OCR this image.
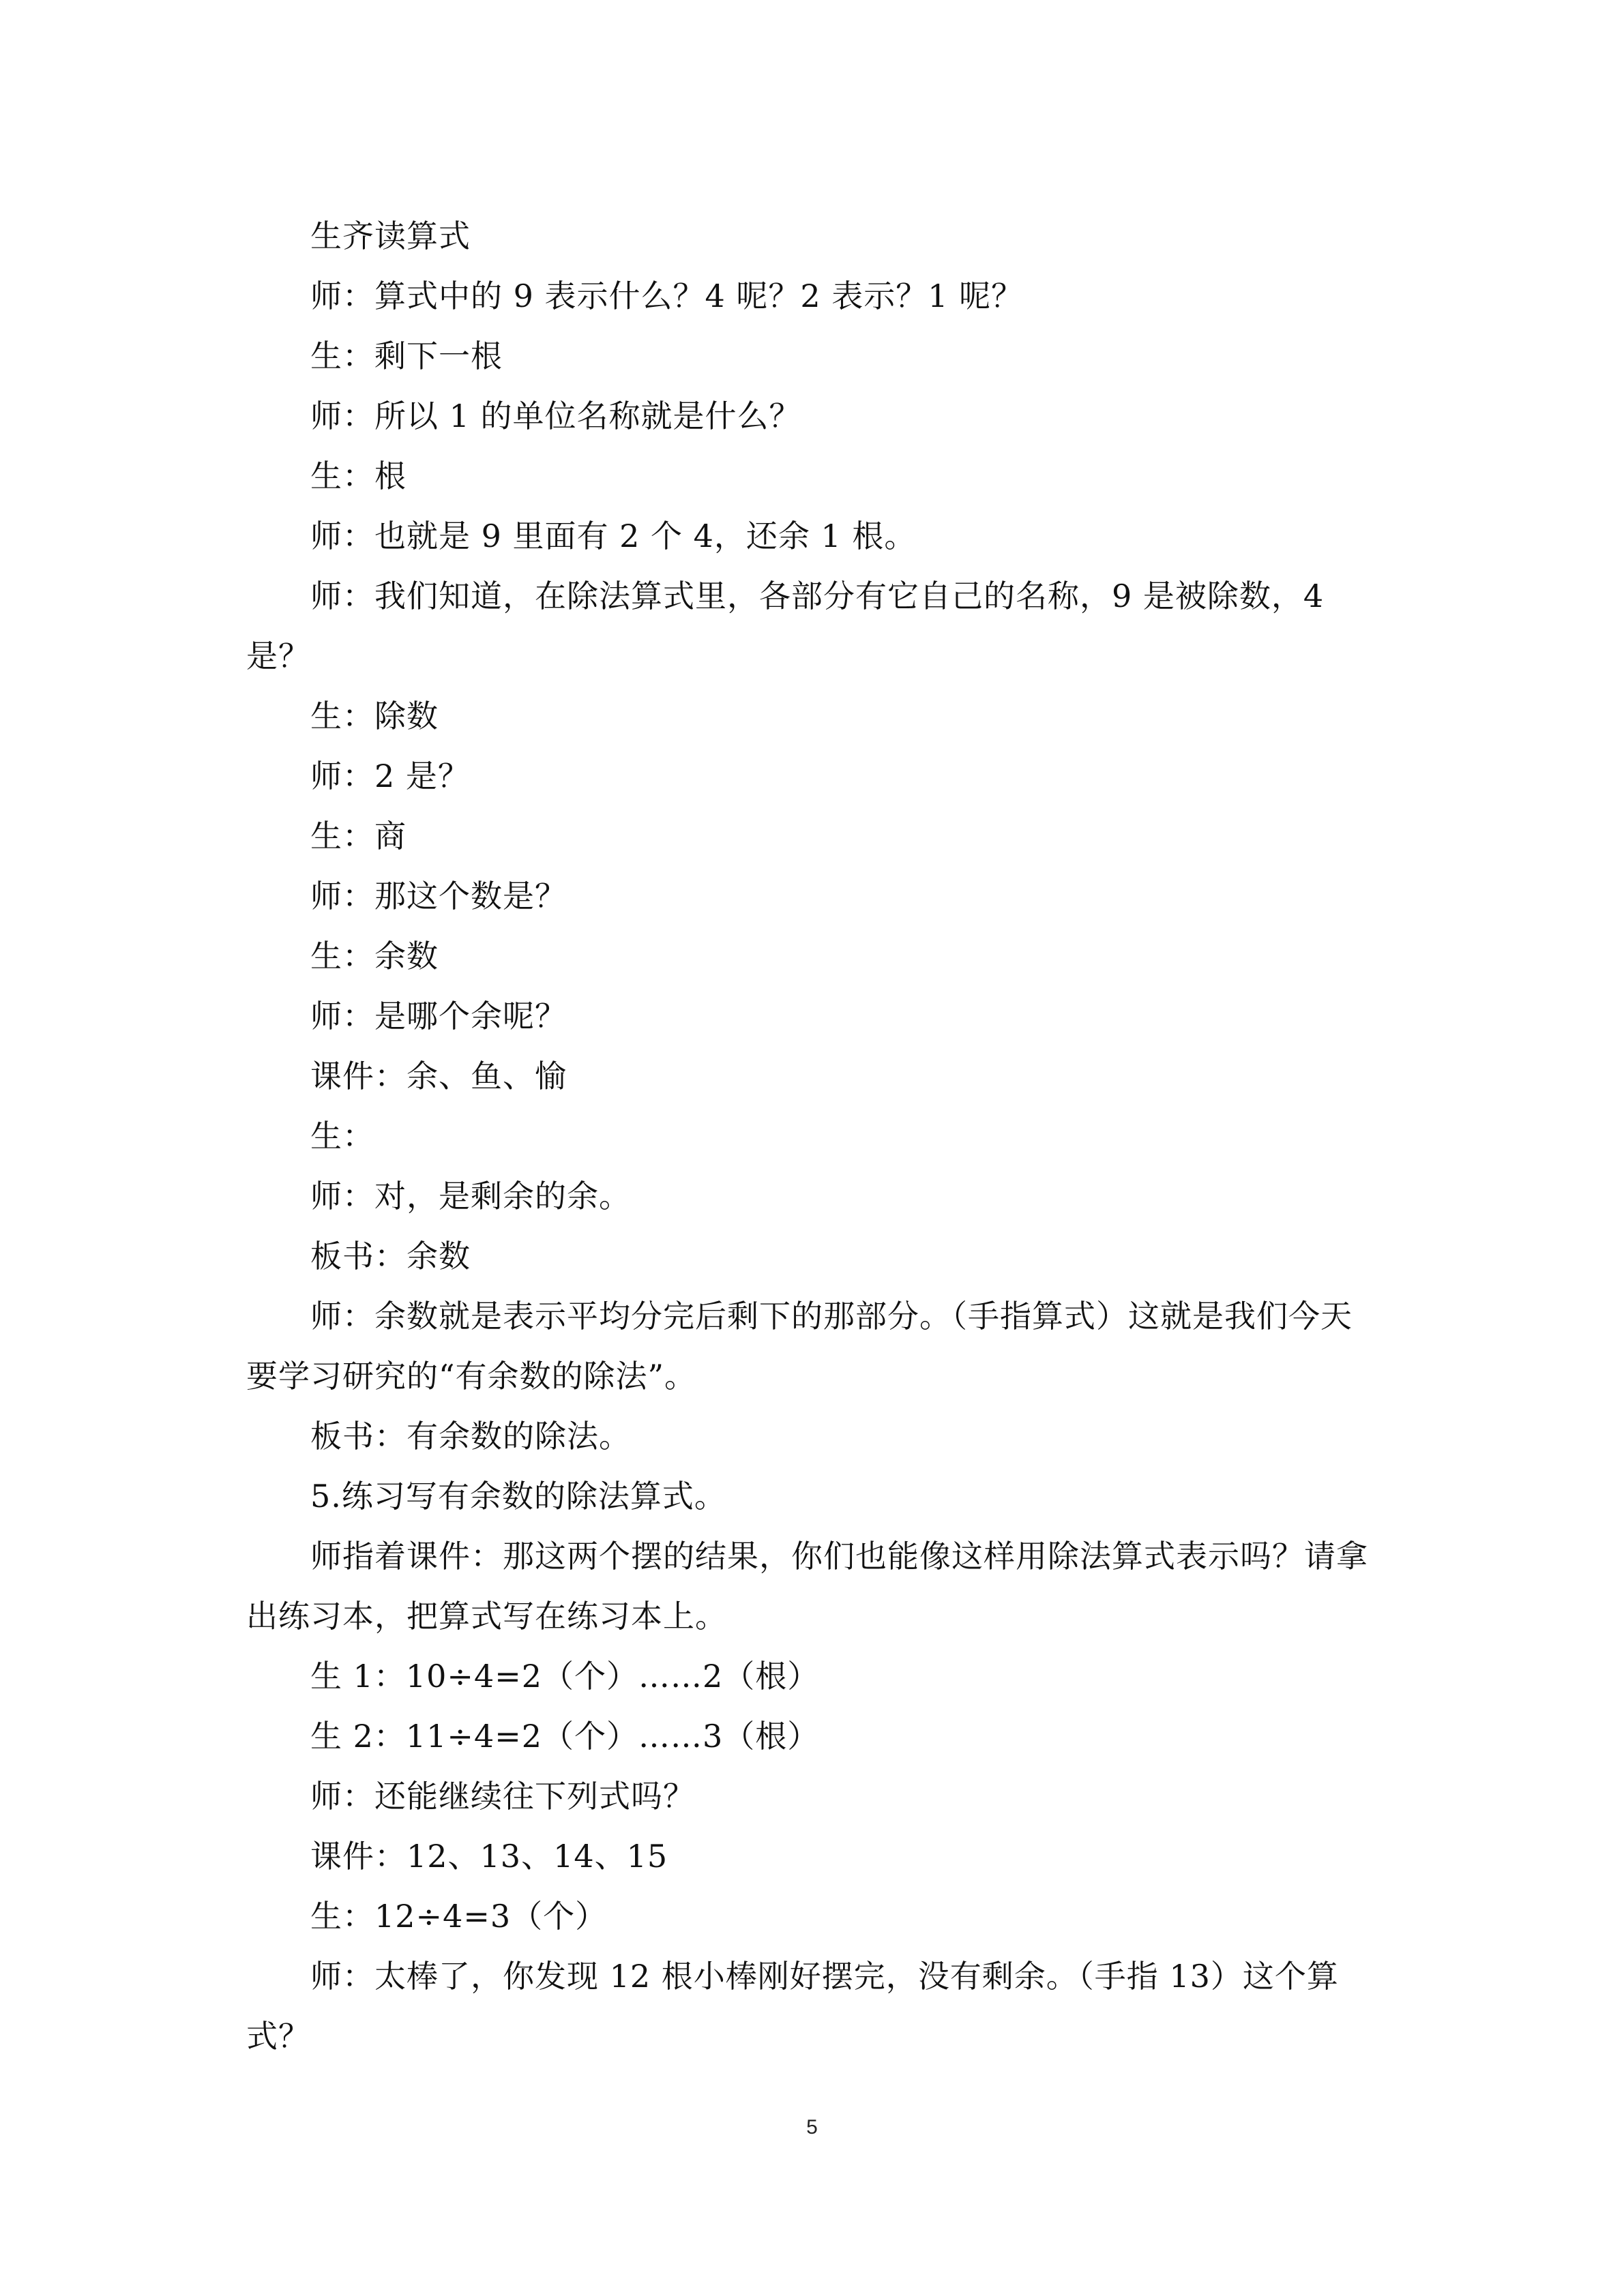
生齐读算式

师：算式中的 9 表示什么？4 呢？2 表示？1 呢？

生：剩下一根

师：所以 1 的单位名称就是什么？

生：根

师：也就是 9 里面有 2 个 4，还余 1 根。

师：我们知道，在除法算式里，各部分有它自己的名称，9 是被除数，4 是？

生：除数

师：2 是？

生：商

师：那这个数是？

生：余数

师：是哪个余呢？

课件：余、鱼、愉

生：

师：对，是剩余的余。

板书：余数

师：余数就是表示平均分完后剩下的那部分。（手指算式）这就是我们今天要学习研究的“有余数的除法”。

板书：有余数的除法。

5.练习写有余数的除法算式。

师指着课件：那这两个摆的结果，你们也能像这样用除法算式表示吗？请拿出练习本，把算式写在练习本上。

生 1：10÷4=2（个）……2（根）

生 2：11÷4=2（个）……3（根）

师：还能继续往下列式吗？

课件：12、13、14、15

生：12÷4=3（个）

师：太棒了，你发现 12 根小棒刚好摆完，没有剩余。（手指 13）这个算式？

5
